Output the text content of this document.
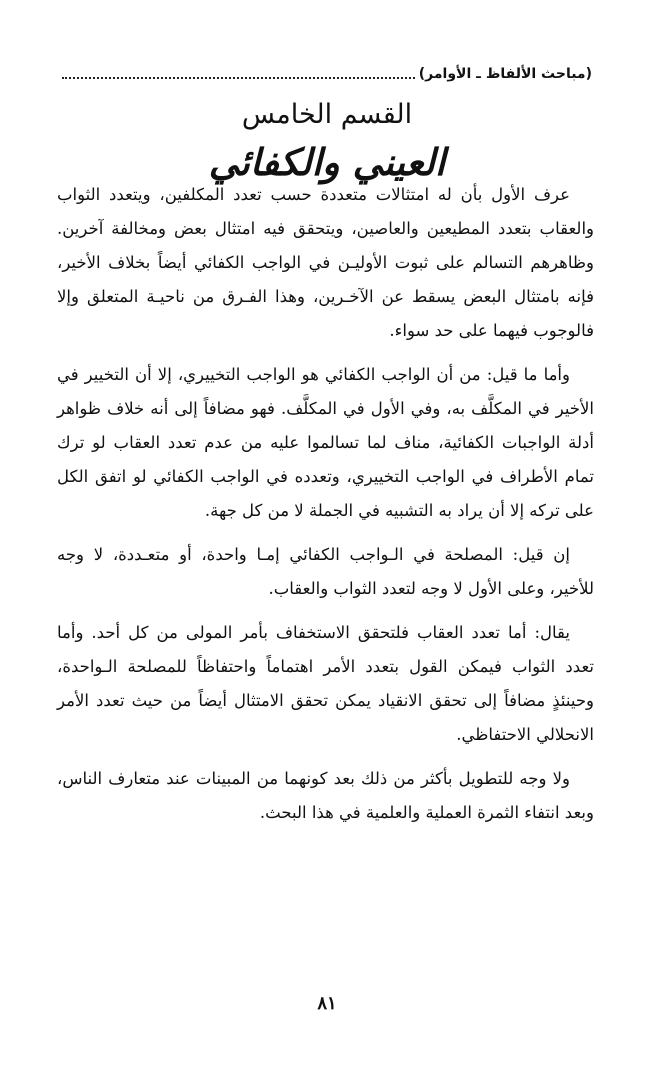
(مباحث الألفاظ ـ الأوامر)
القسم الخامس
العيني والكفائي

عرف الأول بأن له امتثالات متعددة حسب تعدد المكلفين، ويتعدد الثواب والعقاب بتعدد المطيعين والعاصين، ويتحقق فيه امتثال بعض ومخالفة آخرين. وظاهرهم التسالم على ثبوت الأوليـن في الواجب الكفائي أيضاً بخلاف الأخير، فإنه بامتثال البعض يسقط عن الآخـرين، وهذا الفـرق من ناحيـة المتعلق وإلا فالوجوب فيهما على حد سواء.

وأما ما قيل: من أن الواجب الكفائي هو الواجب التخييري، إلا أن التخيير في الأخير في المكلَّف به، وفي الأول في المكلَّف. فهو مضافاً إلى أنه خلاف ظواهر أدلة الواجبات الكفائية، مناف لما تسالموا عليه من عدم تعدد العقاب لو ترك تمام الأطراف في الواجب التخييري، وتعدده في الواجب الكفائي لو اتفق الكل على تركه إلا أن يراد به التشبيه في الجملة لا من كل جهة.

إن قيل: المصلحة في الـواجب الكفائي إمـا واحدة، أو متعـددة، لا وجه للأخير، وعلى الأول لا وجه لتعدد الثواب والعقاب.

يقال: أما تعدد العقاب فلتحقق الاستخفاف بأمر المولى من كل أحد. وأما تعدد الثواب فيمكن القول بتعدد الأمر اهتماماً واحتفاظاً للمصلحة الـواحدة، وحينئذٍ مضافاً إلى تحقق الانقياد يمكن تحقق الامتثال أيضاً من حيث تعدد الأمر الانحلالي الاحتفاظي.

ولا وجه للتطويل بأكثر من ذلك بعد كونهما من المبينات عند متعارف الناس، وبعد انتفاء الثمرة العملية والعلمية في هذا البحث.

٨١
